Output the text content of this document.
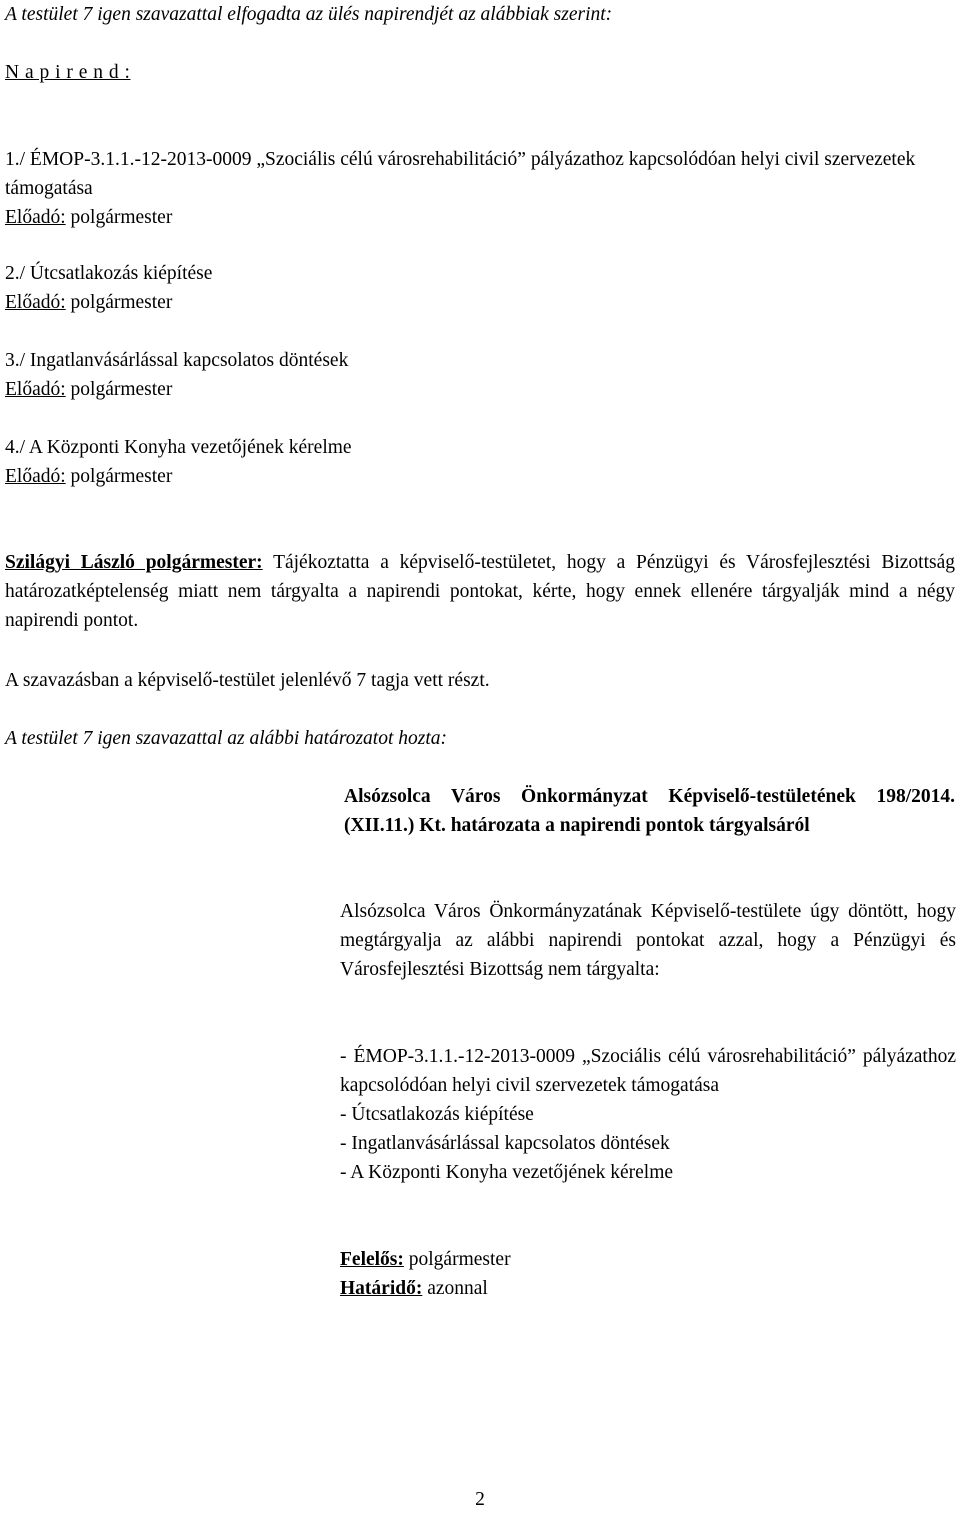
A testület 7 igen szavazattal elfogadta az ülés napirendjét az alábbiak szerint:

N a p i r e n d :

1./ ÉMOP-3.1.1.-12-2013-0009 „Szociális célú városrehabilitáció” pályázathoz kapcsolódóan helyi civil szervezetek támogatása
Előadó: polgármester
2./ Útcsatlakozás kiépítése
Előadó: polgármester
3./ Ingatlanvásárlással kapcsolatos döntések
Előadó: polgármester
4./ A Központi Konyha vezetőjének kérelme
Előadó: polgármester

Szilágyi László polgármester: Tájékoztatta a képviselő-testületet, hogy a Pénzügyi és Városfejlesztési Bizottság határozatképtelenség miatt nem tárgyalta a napirendi pontokat, kérte, hogy ennek ellenére tárgyalják mind a négy napirendi pontot.

A szavazásban a képviselő-testület jelenlévő 7 tagja vett részt.

A testület 7 igen szavazattal az alábbi határozatot hozta:

Alsózsolca Város Önkormányzat Képviselő-testületének 198/2014. (XII.11.) Kt. határozata a napirendi pontok tárgyalsáról

Alsózsolca Város Önkormányzatának Képviselő-testülete úgy döntött, hogy megtárgyalja az alábbi napirendi pontokat azzal, hogy a Pénzügyi és Városfejlesztési Bizottság nem tárgyalta:

- ÉMOP-3.1.1.-12-2013-0009 „Szociális célú városrehabilitáció” pályázathoz kapcsolódóan helyi civil szervezetek támogatása
- Útcsatlakozás kiépítése
- Ingatlanvásárlással kapcsolatos döntések
- A Központi Konyha vezetőjének kérelme
Felelős: polgármester
Határidő: azonnal
2
